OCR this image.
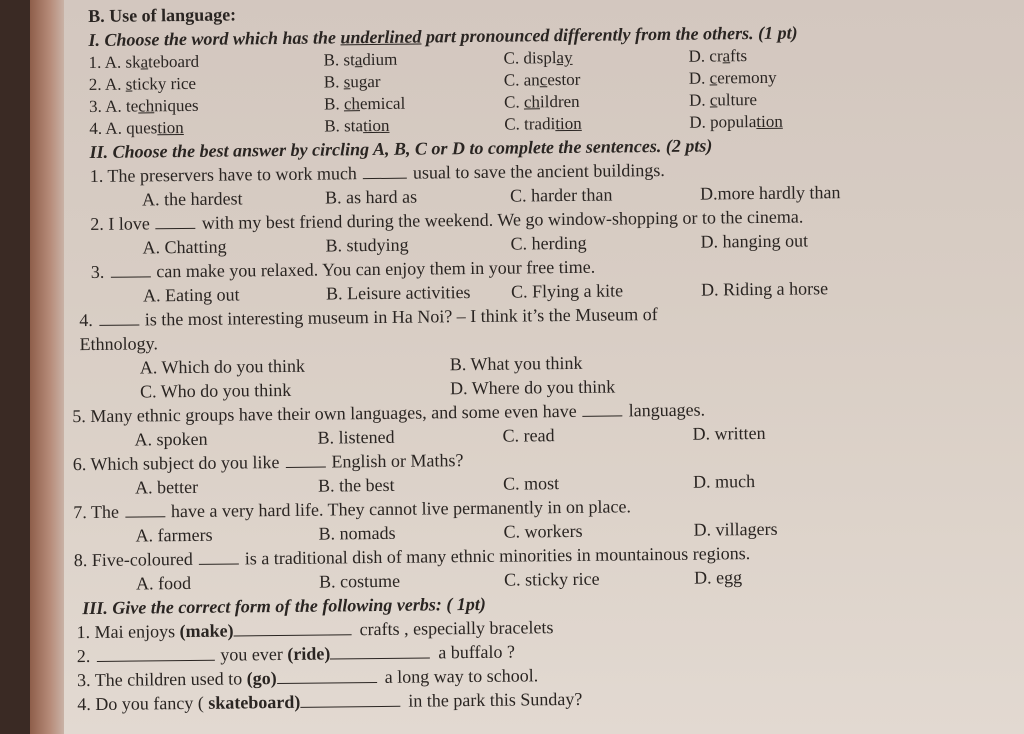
B. Use of language:
I. Choose the word which has the underlined part pronounced differently from the others. (1 pt)
1. A. skateboard	B. stadium	C. display	D. crafts
2. A. sticky rice	B. sugar	C. ancestor	D. ceremony
3. A. techniques	B. chemical	C. children	D. culture
4. A. question	B. station	C. tradition	D. population
II. Choose the best answer by circling A, B, C or D to complete the sentences. (2 pts)
1. The preservers have to work much	usual to save the ancient buildings.
A. the hardest	B. as hard as	C. harder than	D.more hardly than
2. I love	with my best friend during the weekend. We go window-shopping or to the cinema.
A. Chatting	B. studying	C. herding	D. hanging out
3.	can make you relaxed. You can enjoy them in your free time.
A. Eating out	B. Leisure activities C. Flying a kite	D. Riding a horse
4.	is the most interesting museum in Ha Noi? – I think it’s the Museum of
Ethnology.
A. Which do you think	B. What you think
C. Who do you think	D. Where do you think
5. Many ethnic groups have their own languages, and some even have	languages.
A. spoken	B. listened	C. read	D. written
6. Which subject do you like	English or Maths?
A. better	B. the best	C. most	D. much
7. The	have a very hard life. They cannot live permanently in on place.
A. farmers	B. nomads	C. workers	D. villagers
8. Five-coloured	is a traditional dish of many ethnic minorities in mountainous regions.
A. food	B. costume	C. sticky rice	D. egg
III. Give the correct form of the following verbs: ( 1pt)
1. Mai enjoys (make)	crafts , especially bracelets
2.	you ever (ride)	a buffalo ?
3. The children used to (go)	a long way to school.
4. Do you fancy ( skateboard)	in the park this Sunday?
